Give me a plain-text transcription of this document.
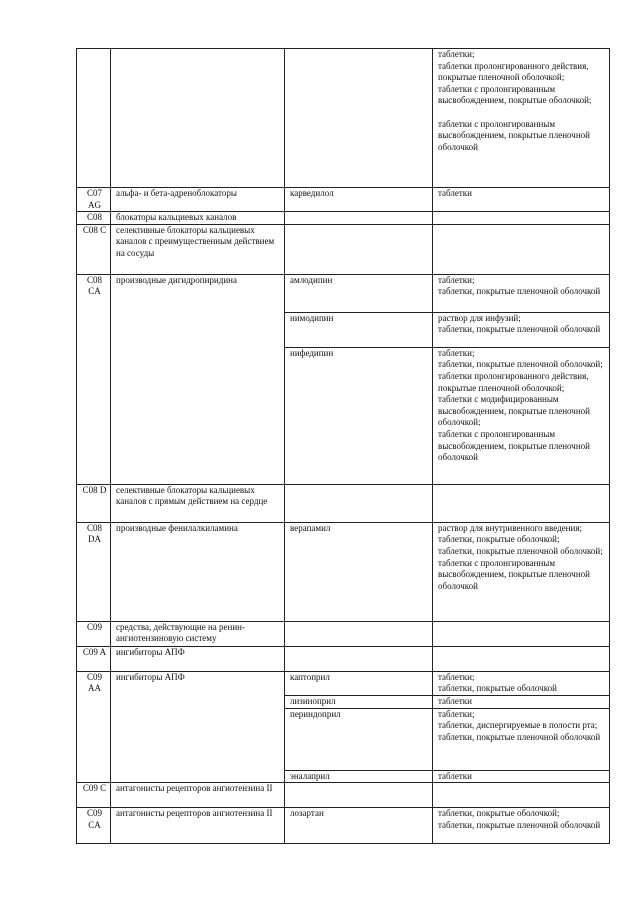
			таблетки;
таблетки пролонгированного действия, покрытые пленочной оболочкой;
таблетки с пролонгированным высвобождением, покрытые оболочкой;
таблетки с пролонгированным высвобождением, покрытые пленочной оболочкой

C07 AG	альфа- и бета-адреноблокаторы	карведилол	таблетки

C08	блокаторы кальциевых каналов		
C08 C	селективные блокаторы кальциевых каналов с преимущественным действием на сосуды		
C08 CA	производные дигидропиридина	амлодипин	таблетки;
таблетки, покрытые пленочной оболочкой

		нимодипин	раствор для инфузий;
таблетки, покрытые пленочной оболочкой

		нифедипин	таблетки;
таблетки, покрытые пленочной оболочкой; таблетки пролонгированного действия, покрытые пленочной оболочкой;
таблетки с модифицированным высвобождением, покрытые пленочной оболочкой;
таблетки с пролонгированным высвобождением, покрытые пленочной оболочкой

C08 D	селективные блокаторы кальциевых каналов с прямым действием на сердце		
C08 DA	производные фенилалкиламина	верапамил	раствор для внутривенного введения;
таблетки, покрытые оболочкой;
таблетки, покрытые пленочной оболочкой;
таблетки с пролонгированным высвобождением, покрытые пленочной оболочкой

C09	средства, действующие на ренин-ангиотензиновую систему		
C09 A	ингибиторы АПФ		
C09 AA	ингибиторы АПФ	каптоприл	таблетки;
таблетки, покрытые оболочкой

		лизиноприл	таблетки

		периндоприл	таблетки;
таблетки, диспергируемые в полости рта;
таблетки, покрытые пленочной оболочкой

		эналаприл	таблетки

C09 C	антагонисты рецепторов ангиотензина II		
C09 CA	антагонисты рецепторов ангиотензина II	лозартан	таблетки, покрытые оболочкой;
таблетки, покрытые пленочной оболочкой
